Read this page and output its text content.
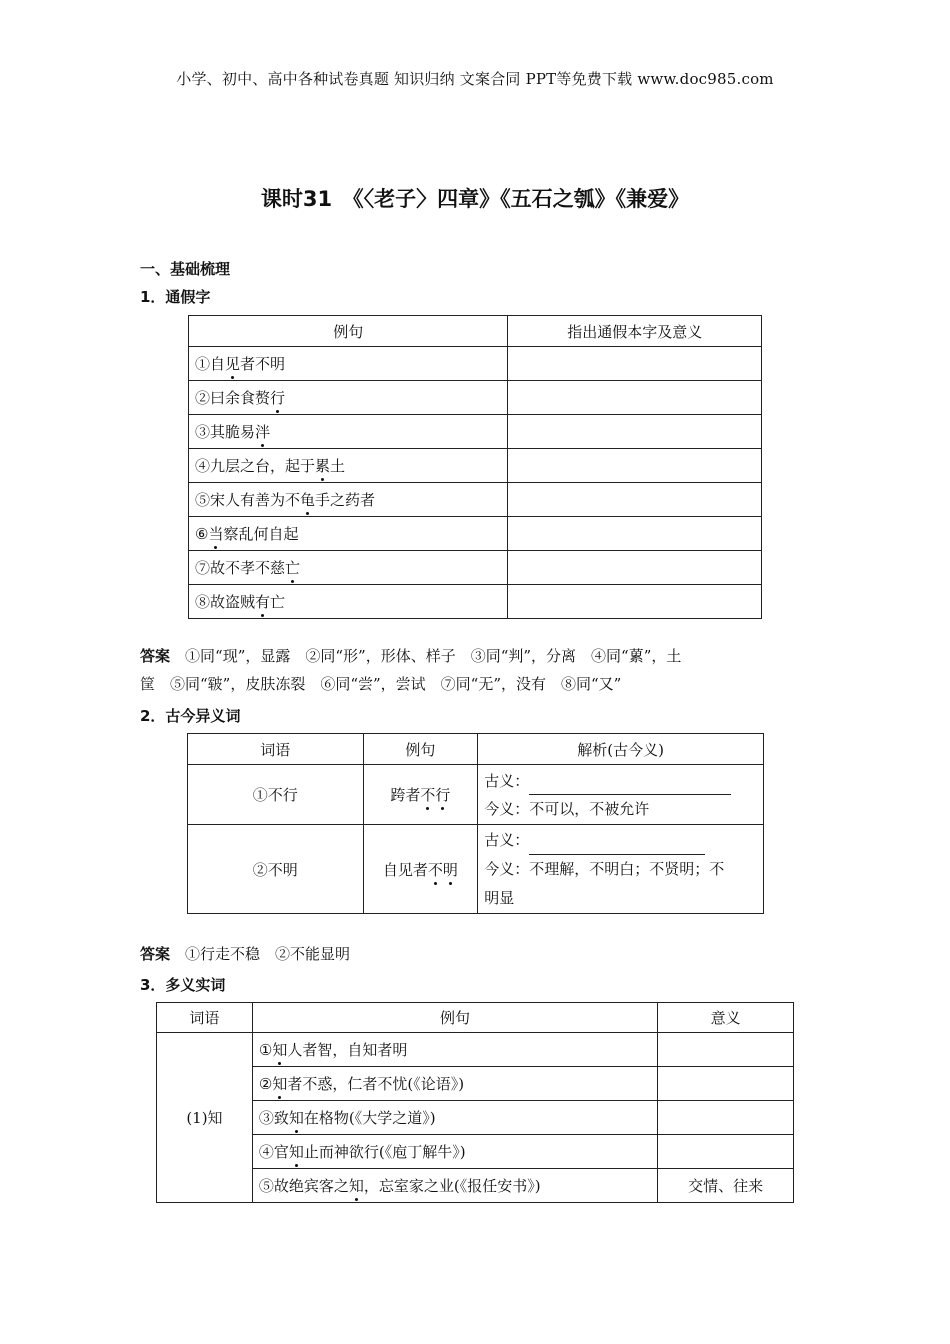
小学、初中、高中各种试卷真题 知识归纳 文案合同 PPT等免费下载 www.doc985.com
课时31　《〈老子〉四章》《五石之瓠》《兼爱》
一、基础梳理
1．通假字
例句	指出通假本字及意义
①自见者不明	
②曰余食赘行	
③其脆易泮	
④九层之台，起于累土	
⑤宋人有善为不龟手之药者	
⑥当察乱何自起	
⑦故不孝不慈亡	
⑧故盗贼有亡	
答案　 ①同“现”，显露　②同“形”，形体、样子　③同“判”，分离　④同“蔂”，土
筐　⑤同“皲”，皮肤冻裂　⑥同“尝”，尝试　⑦同“无”，没有　⑧同“又”
2．古今异义词
词语	例句	解析(古今义)
①不行	跨者不行	古义：
今义：不可以，不被允许

②不明	自见者不明	古义：
今义：不理解，不明白；不贤明；不
明显
答案　 ①行走不稳　②不能显明
3．多义实词
词语	例句	意义
(1)知	①知人者智，自知者明	
	②知者不惑，仁者不忧(《论语》)	
	③致知在格物(《大学之道》)	
	④官知止而神欲行(《庖丁解牛》)	
	⑤故绝宾客之知，忘室家之业(《报任安书》)	交情、往来
